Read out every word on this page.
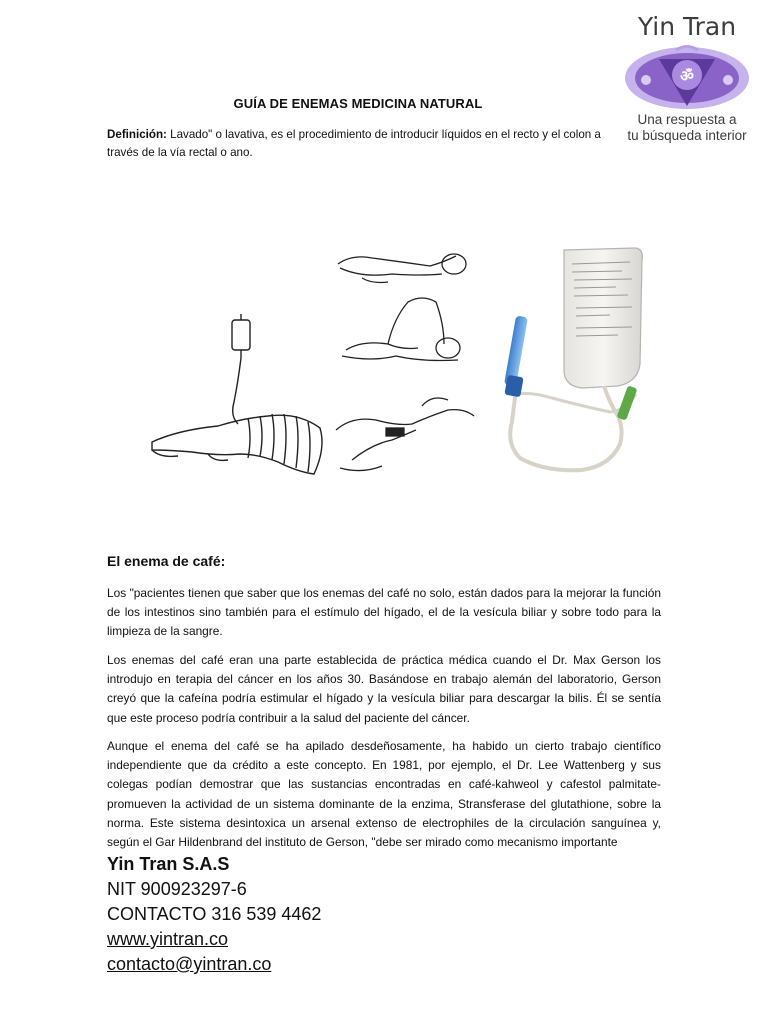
Yin Tran
ॐ
Una respuesta a
tu búsqueda interior
GUÍA DE ENEMAS MEDICINA NATURAL
Definición: Lavado" o lavativa, es el procedimiento de introducir líquidos en el recto y el colon a través de la vía rectal o ano.
El enema de café:
Los "pacientes tienen que saber que los enemas del café no solo, están dados para la mejorar la función de los intestinos sino también para el estímulo del hígado, el de la vesícula biliar y sobre todo para la limpieza de la sangre.
Los enemas del café eran una parte establecida de práctica médica cuando el Dr. Max Gerson los introdujo en terapia del cáncer en los años 30. Basándose en trabajo alemán del laboratorio, Gerson creyó que la cafeína podría estimular el hígado y la vesícula biliar para descargar la bilis. Él se sentía que este proceso podría contribuir a la salud del paciente del cáncer.
Aunque el enema del café se ha apilado desdeñosamente, ha habido un cierto trabajo científico independiente que da crédito a este concepto. En 1981, por ejemplo, el Dr. Lee Wattenberg y sus colegas podían demostrar que las sustancias encontradas en café-kahweol y cafestol palmitate-promueven la actividad de un sistema dominante de la enzima, Stransferase del glutathione, sobre la norma. Este sistema desintoxica un arsenal extenso de electrophiles de la circulación sanguínea y, según el Gar Hildenbrand del instituto de Gerson, "debe ser mirado como mecanismo importante
Yin Tran S.A.S
NIT 900923297-6
CONTACTO 316 539 4462
www.yintran.co
contacto@yintran.co
